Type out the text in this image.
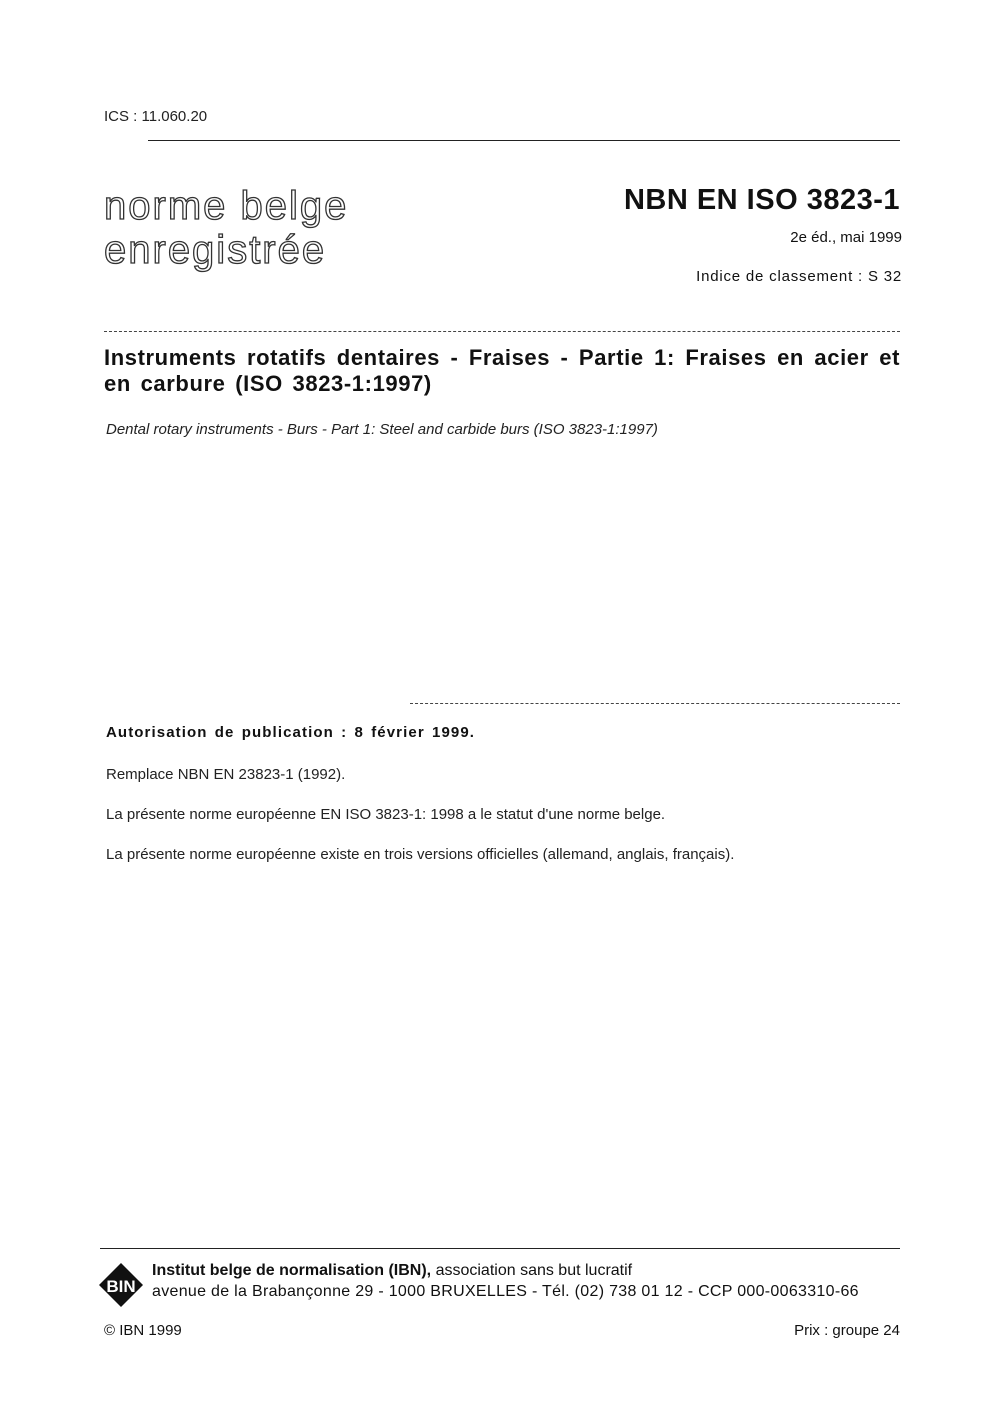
ICS : 11.060.20
norme belge
enregistrée
NBN EN ISO 3823-1
2e éd., mai 1999
Indice de classement : S 32
Instruments rotatifs dentaires - Fraises - Partie 1: Fraises en acier et en carbure (ISO 3823-1:1997)
Dental rotary instruments - Burs - Part 1: Steel and carbide burs (ISO 3823-1:1997)
Autorisation de publication : 8 février 1999.
Remplace NBN EN 23823-1 (1992).
La présente norme européenne EN ISO 3823-1: 1998 a le statut d'une norme belge.
La présente norme européenne existe en trois versions officielles (allemand, anglais, français).
BIN
Institut belge de normalisation (IBN), association sans but lucratif
avenue de la Brabançonne 29 - 1000 BRUXELLES - Tél. (02) 738 01 12 - CCP 000-0063310-66
© IBN 1999	Prix : groupe 24
